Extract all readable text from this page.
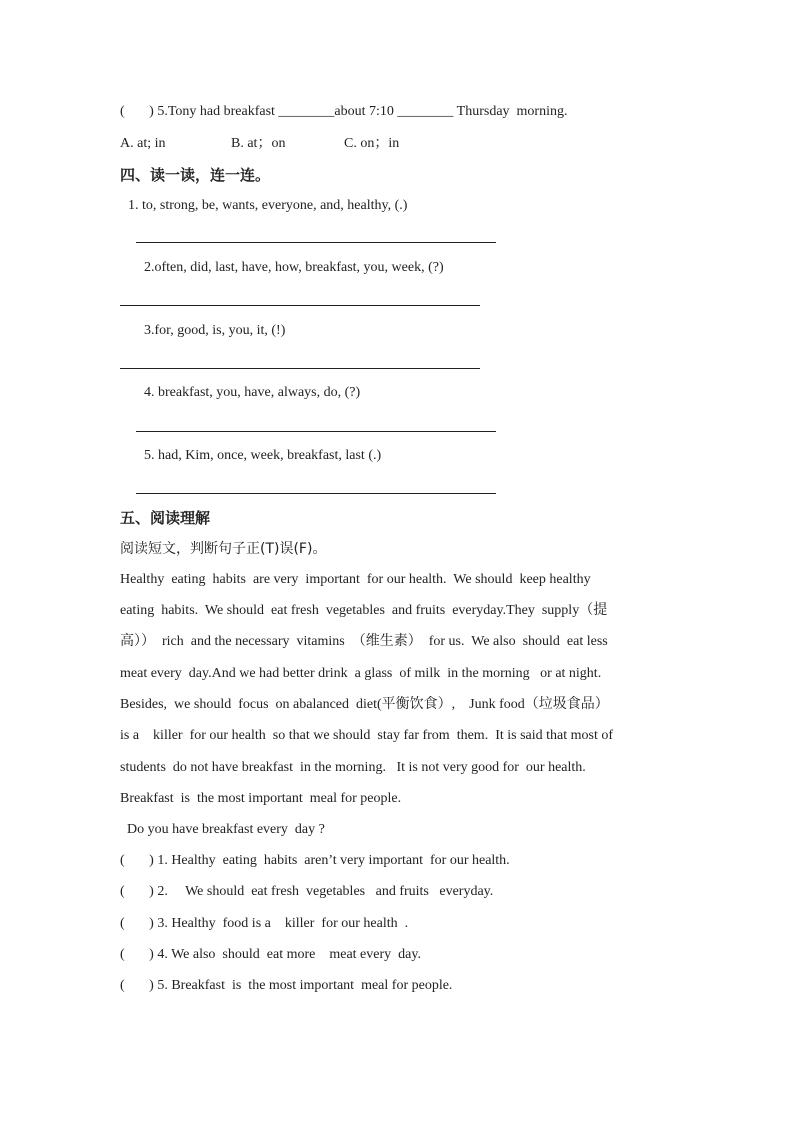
(       ) 5.Tony had breakfast ________about 7:10 ________ Thursday  morning.
A. at; in	B. at；on	C. on；in
四、读一读，连一连。
1. to, strong, be, wants, everyone, and, healthy, (.)
2.often, did, last, have, how, breakfast, you, week, (?)
3.for, good, is, you, it, (!)
4. breakfast, you, have, always, do, (?)
5. had, Kim, once, week, breakfast, last (.)
五、阅读理解
阅读短文，判断句子正(T)误(F)。
Healthy  eating  habits  are very  important  for our health.  We should  keep healthy
eating  habits.  We should  eat fresh  vegetables  and fruits  everyday.They  supply（提
高））  rich  and the necessary  vitamins  （维生素）  for us.  We also  should  eat less
meat every  day.And we had better drink  a glass  of milk  in the morning   or at night.
Besides,  we should  focus  on abalanced  diet(平衡饮食）,    Junk food（垃圾食品）
is a    killer  for our health  so that we should  stay far from  them.  It is said that most of
students  do not have breakfast  in the morning.   It is not very good for  our health.
Breakfast  is  the most important  meal for people.
Do you have breakfast every  day ?
(       ) 1. Healthy  eating  habits  aren’t very important  for our health.
(       ) 2.     We should  eat fresh  vegetables   and fruits   everyday.
(       ) 3. Healthy  food is a    killer  for our health  .
(       ) 4. We also  should  eat more    meat every  day.
(       ) 5. Breakfast  is  the most important  meal for people.
